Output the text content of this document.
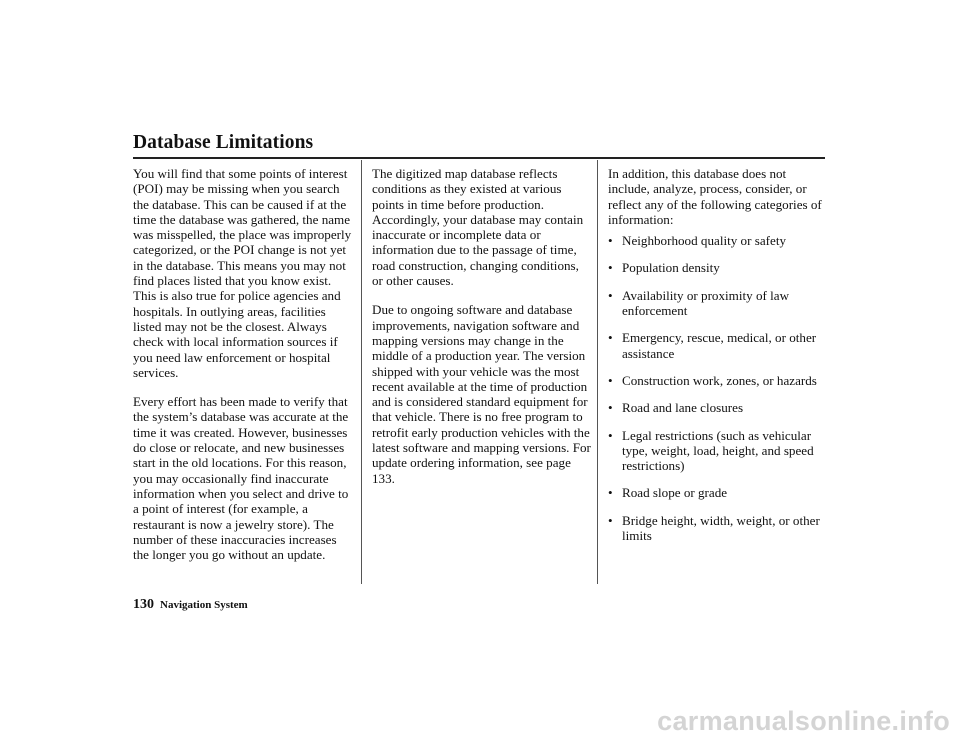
Database Limitations

You will find that some points of interest (POI) may be missing when you search the database. This can be caused if at the time the database was gathered, the name was misspelled, the place was improperly categorized, or the POI change is not yet in the database. This means you may not find places listed that you know exist. This is also true for police agencies and hospitals. In outlying areas, facilities listed may not be the closest. Always check with local information sources if you need law enforcement or hospital services.

Every effort has been made to verify that the system’s database was accurate at the time it was created. However, businesses do close or relocate, and new businesses start in the old locations. For this reason, you may occasionally find inaccurate information when you select and drive to a point of interest (for example, a restaurant is now a jewelry store). The number of these inaccuracies increases the longer you go without an update.

The digitized map database reflects conditions as they existed at various points in time before production. Accordingly, your database may contain inaccurate or incomplete data or information due to the passage of time, road construction, changing conditions, or other causes.

Due to ongoing software and database improvements, navigation software and mapping versions may change in the middle of a production year. The version shipped with your vehicle was the most recent available at the time of production and is considered standard equipment for that vehicle. There is no free program to retrofit early production vehicles with the latest software and mapping versions. For update ordering information, see page 133.

In addition, this database does not include, analyze, process, consider, or reflect any of the following categories of information:

• Neighborhood quality or safety
• Population density
• Availability or proximity of law enforcement
• Emergency, rescue, medical, or other assistance
• Construction work, zones, or hazards
• Road and lane closures
• Legal restrictions (such as vehicular type, weight, load, height, and speed restrictions)
• Road slope or grade
• Bridge height, width, weight, or other limits
130 Navigation System
carmanualsonline.info
